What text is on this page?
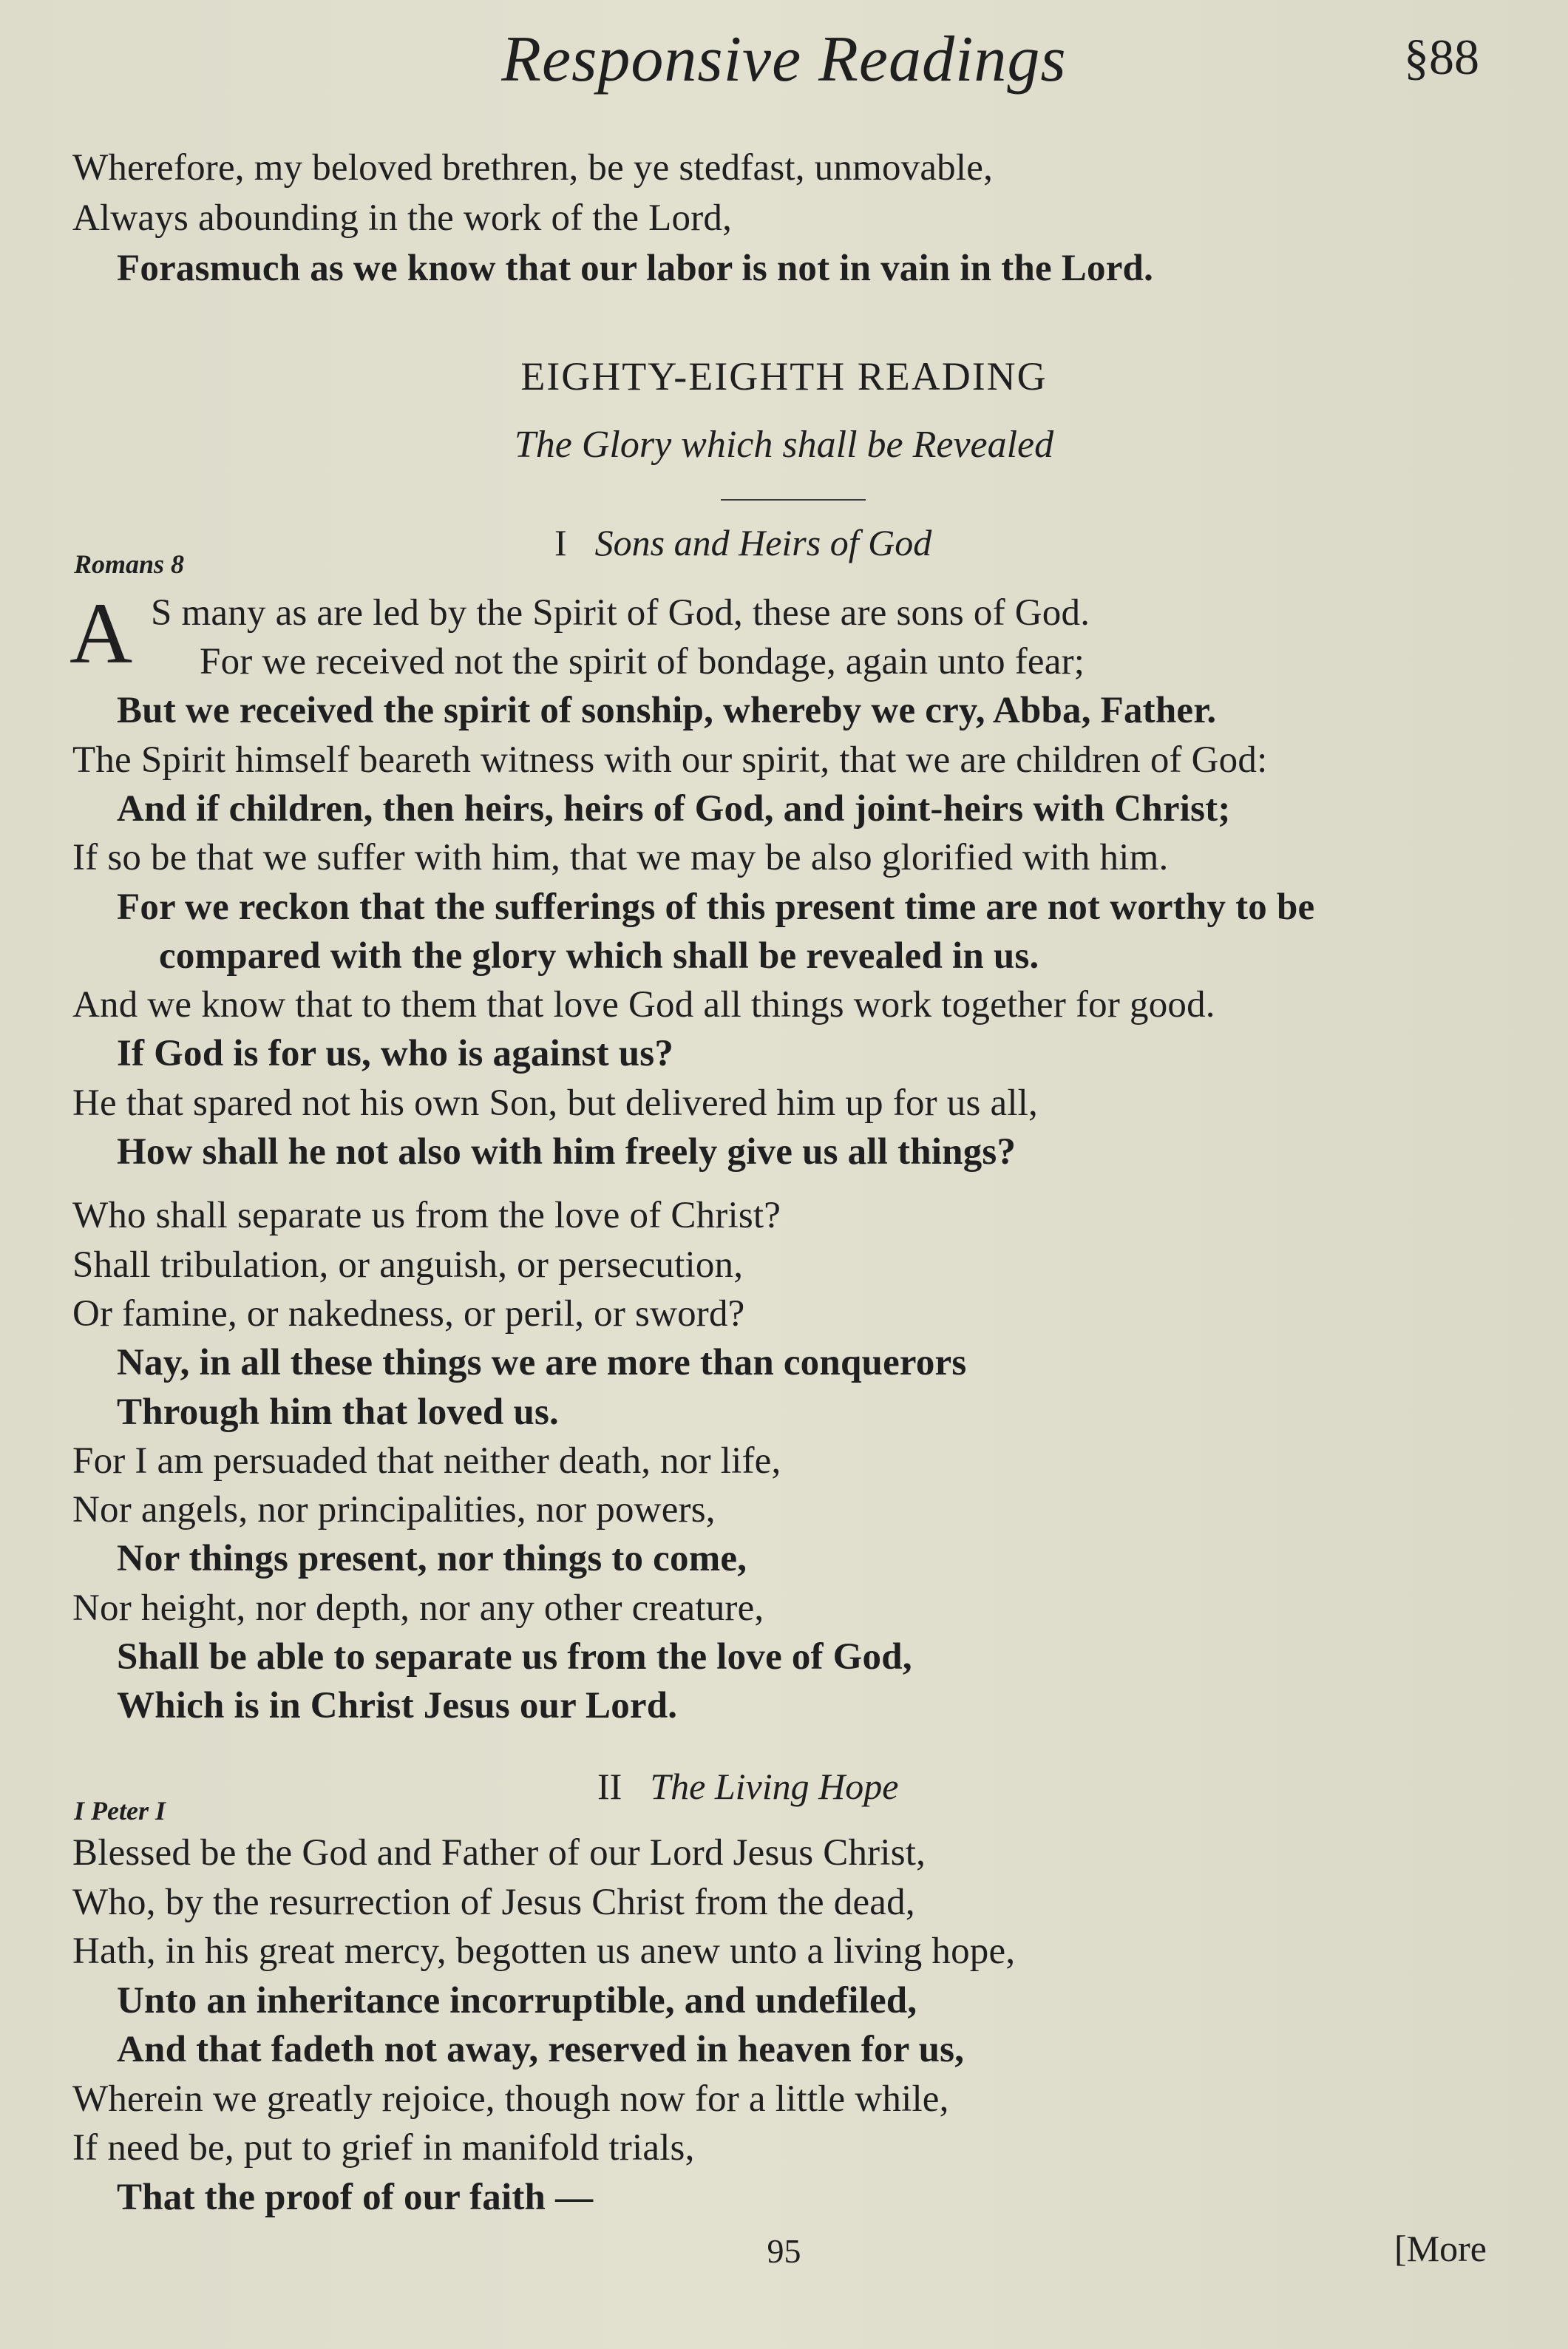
Responsive Readings	§88
Wherefore, my beloved brethren, be ye stedfast, unmovable,
Always abounding in the work of the Lord,
Forasmuch as we know that our labor is not in vain in the Lord.
EIGHTY-EIGHTH READING
The Glory which shall be Revealed
I Sons and Heirs of God
Romans 8
A S many as are led by the Spirit of God, these are sons of God.
For we received not the spirit of bondage, again unto fear;
But we received the spirit of sonship, whereby we cry, Abba, Father.
The Spirit himself beareth witness with our spirit, that we are children of God:
And if children, then heirs, heirs of God, and joint-heirs with Christ;
If so be that we suffer with him, that we may be also glorified with him.
For we reckon that the sufferings of this present time are not worthy to be
compared with the glory which shall be revealed in us.
And we know that to them that love God all things work together for good.
If God is for us, who is against us?
He that spared not his own Son, but delivered him up for us all,
How shall he not also with him freely give us all things?
Who shall separate us from the love of Christ?
Shall tribulation, or anguish, or persecution,
Or famine, or nakedness, or peril, or sword?
Nay, in all these things we are more than conquerors
Through him that loved us.
For I am persuaded that neither death, nor life,
Nor angels, nor principalities, nor powers,
Nor things present, nor things to come,
Nor height, nor depth, nor any other creature,
Shall be able to separate us from the love of God,
Which is in Christ Jesus our Lord.
II The Living Hope
I Peter I
Blessed be the God and Father of our Lord Jesus Christ,
Who, by the resurrection of Jesus Christ from the dead,
Hath, in his great mercy, begotten us anew unto a living hope,
Unto an inheritance incorruptible, and undefiled,
And that fadeth not away, reserved in heaven for us,
Wherein we greatly rejoice, though now for a little while,
If need be, put to grief in manifold trials,
That the proof of our faith —
95	[More
